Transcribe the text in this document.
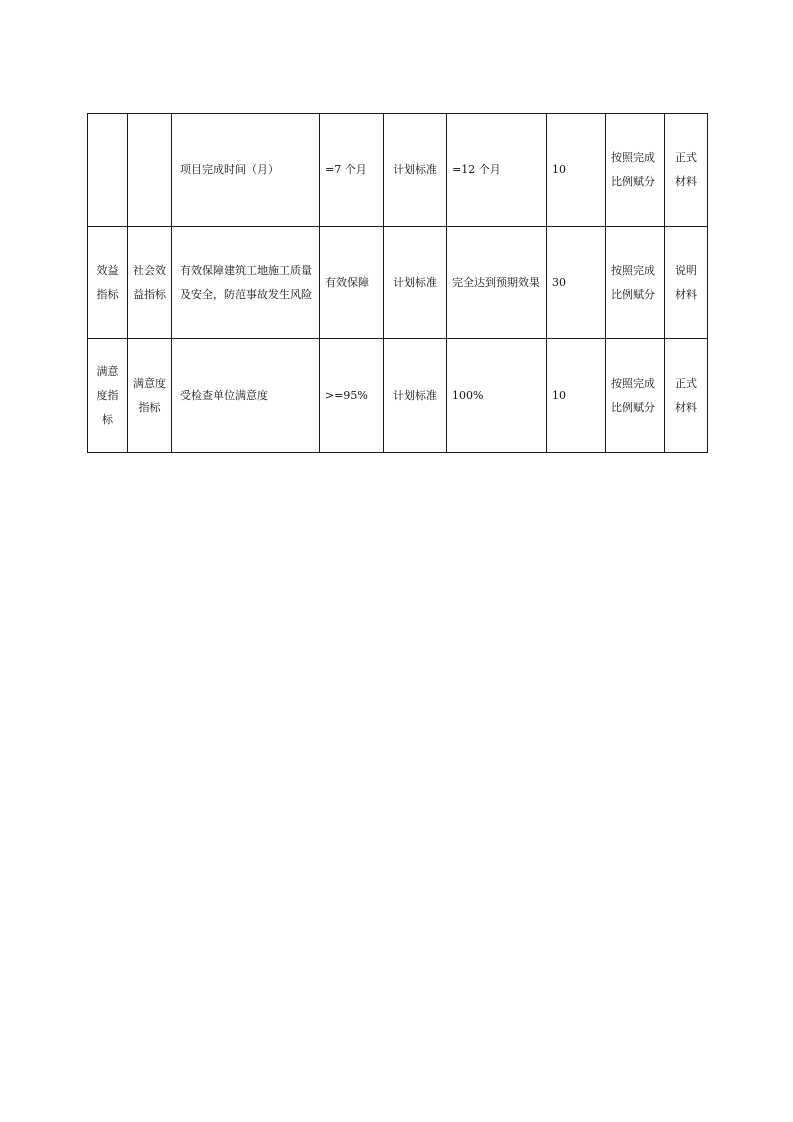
		项目完成时间（月）	=7 个月	计划标准	=12 个月	10	按照完成比例赋分	正式材料

效益指标	社会效益指标	有效保障建筑工地施工质量及安全，防范事故发生风险	有效保障	计划标准	完全达到预期效果	30	按照完成比例赋分	说明材料

满意度指标	满意度指标	受检查单位满意度	>=95%	计划标准	100%	10	按照完成比例赋分	正式材料
